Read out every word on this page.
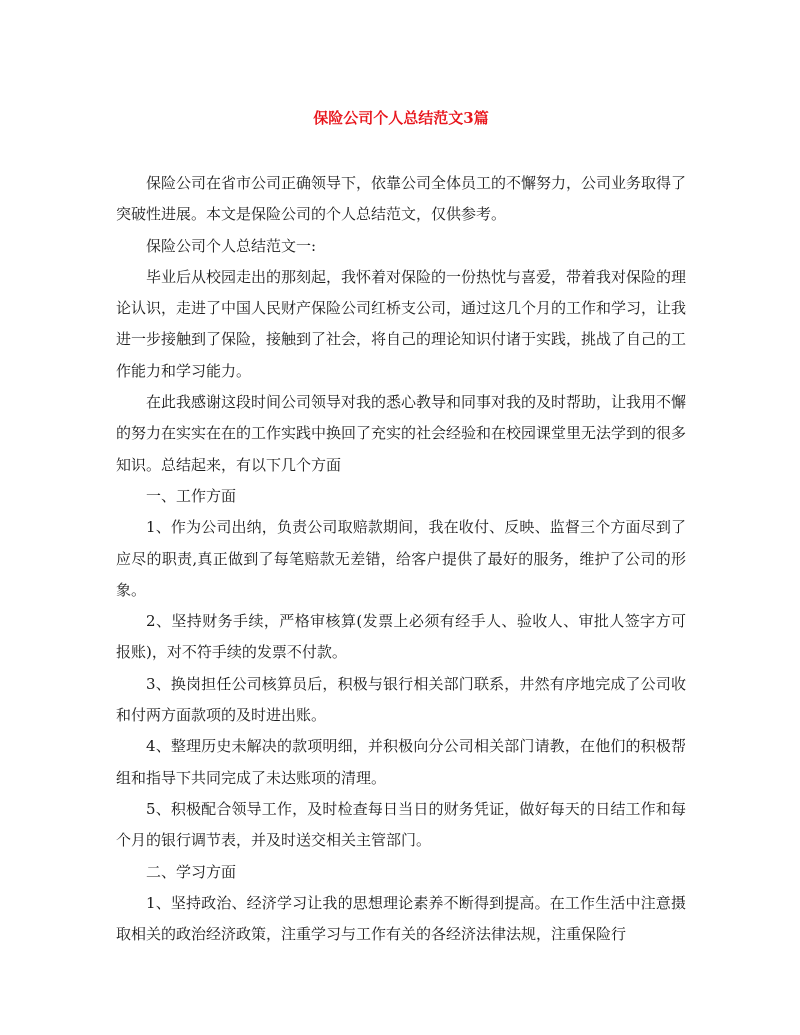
保险公司个人总结范文3篇

保险公司在省市公司正确领导下，依靠公司全体员工的不懈努力，公司业务取得了突破性进展。本文是保险公司的个人总结范文，仅供参考。

保险公司个人总结范文一:

毕业后从校园走出的那刻起，我怀着对保险的一份热忱与喜爱，带着我对保险的理论认识，走进了中国人民财产保险公司红桥支公司，通过这几个月的工作和学习，让我进一步接触到了保险，接触到了社会，将自己的理论知识付诸于实践，挑战了自己的工作能力和学习能力。

在此我感谢这段时间公司领导对我的悉心教导和同事对我的及时帮助，让我用不懈的努力在实实在在的工作实践中换回了充实的社会经验和在校园课堂里无法学到的很多知识。总结起来，有以下几个方面

一、工作方面

1、作为公司出纳，负责公司取赔款期间，我在收付、反映、监督三个方面尽到了应尽的职责,真正做到了每笔赔款无差错，给客户提供了最好的服务，维护了公司的形象。

2、坚持财务手续，严格审核算(发票上必须有经手人、验收人、审批人签字方可报账)，对不符手续的发票不付款。

3、换岗担任公司核算员后，积极与银行相关部门联系，井然有序地完成了公司收和付两方面款项的及时进出账。

4、整理历史未解决的款项明细，并积极向分公司相关部门请教，在他们的积极帮组和指导下共同完成了未达账项的清理。

5、积极配合领导工作，及时检查每日当日的财务凭证，做好每天的日结工作和每个月的银行调节表，并及时送交相关主管部门。

二、学习方面

1、坚持政治、经济学习让我的思想理论素养不断得到提高。在工作生活中注意摄取相关的政治经济政策，注重学习与工作有关的各经济法律法规，注重保险行
